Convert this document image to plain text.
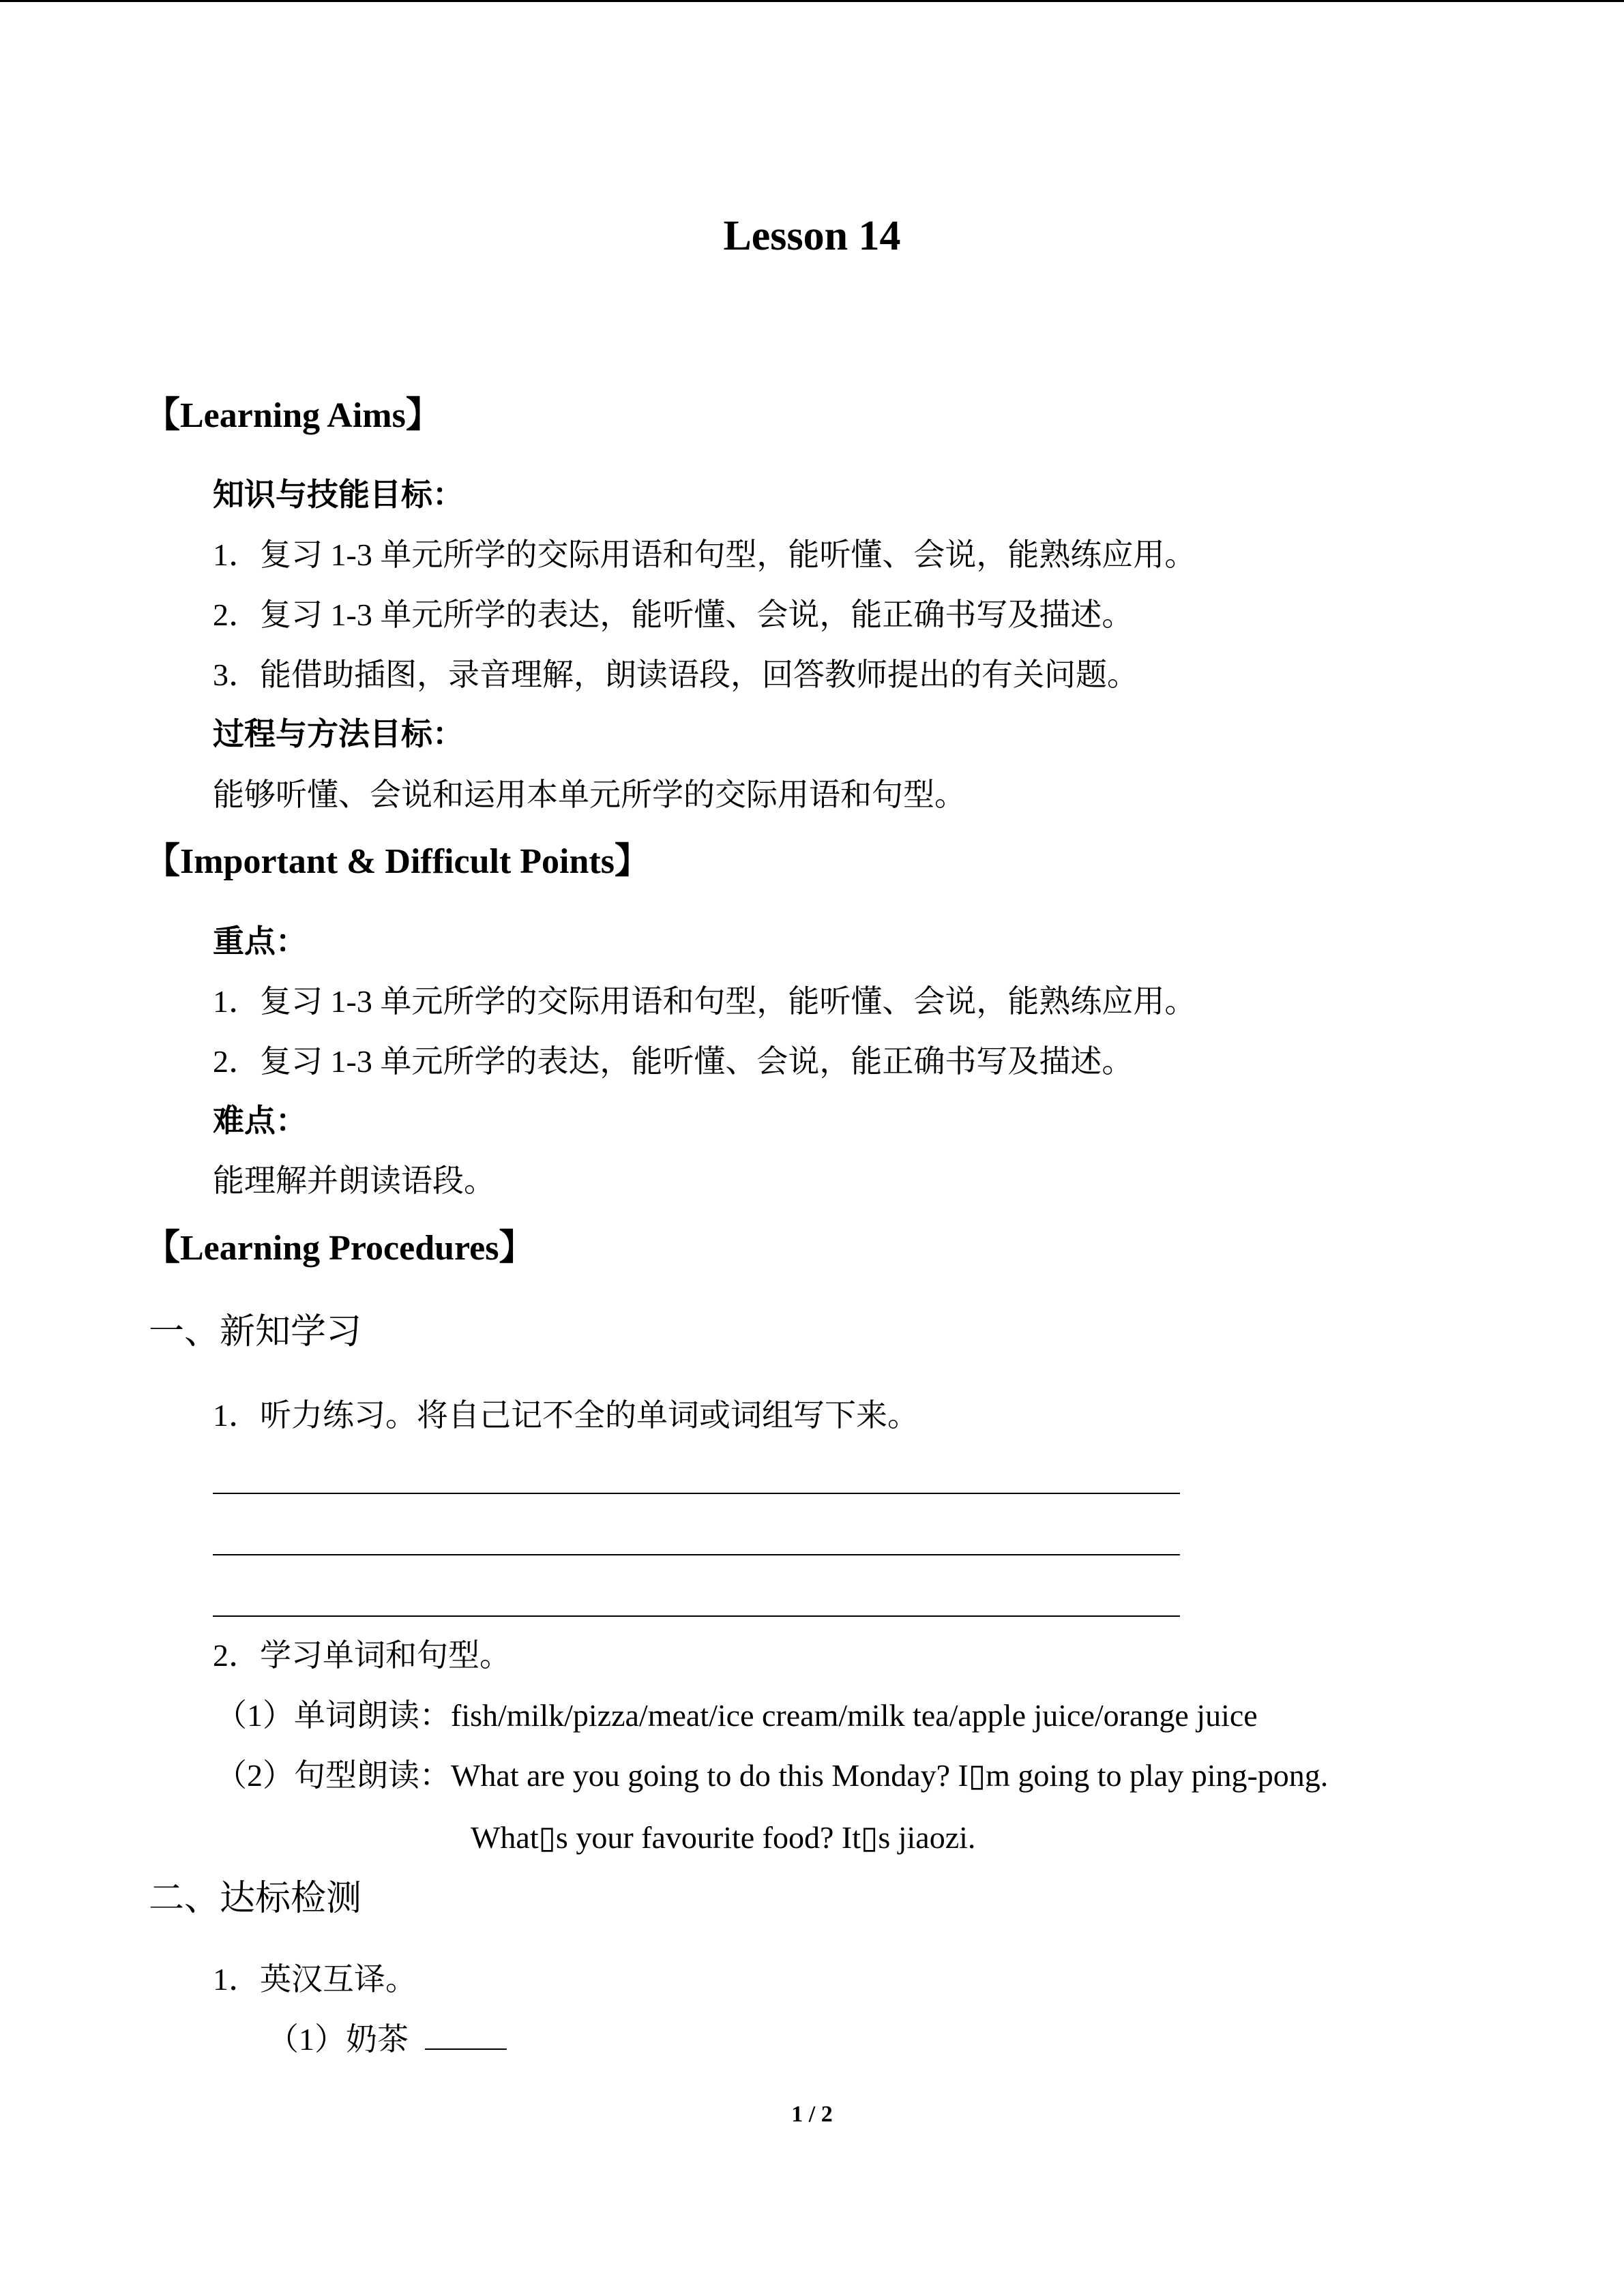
Lesson 14
【Learning Aims】
知识与技能目标：
1．复习 1-3 单元所学的交际用语和句型，能听懂、会说，能熟练应用。
2．复习 1-3 单元所学的表达，能听懂、会说，能正确书写及描述。
3．能借助插图，录音理解，朗读语段，回答教师提出的有关问题。
过程与方法目标：
能够听懂、会说和运用本单元所学的交际用语和句型。
【Important & Difficult Points】
重点：
1．复习 1-3 单元所学的交际用语和句型，能听懂、会说，能熟练应用。
2．复习 1-3 单元所学的表达，能听懂、会说，能正确书写及描述。
难点：
能理解并朗读语段。
【Learning Procedures】
一、新知学习
1．听力练习。将自己记不全的单词或词组写下来。
2．学习单词和句型。
（1）单词朗读：fish/milk/pizza/meat/ice cream/milk tea/apple juice/orange juice
（2）句型朗读：What are you going to do this Monday? I▯m going to play ping-pong.
What▯s your favourite food? It▯s jiaozi.
二、达标检测
1．英汉互译。
（1）奶茶
1 / 2
